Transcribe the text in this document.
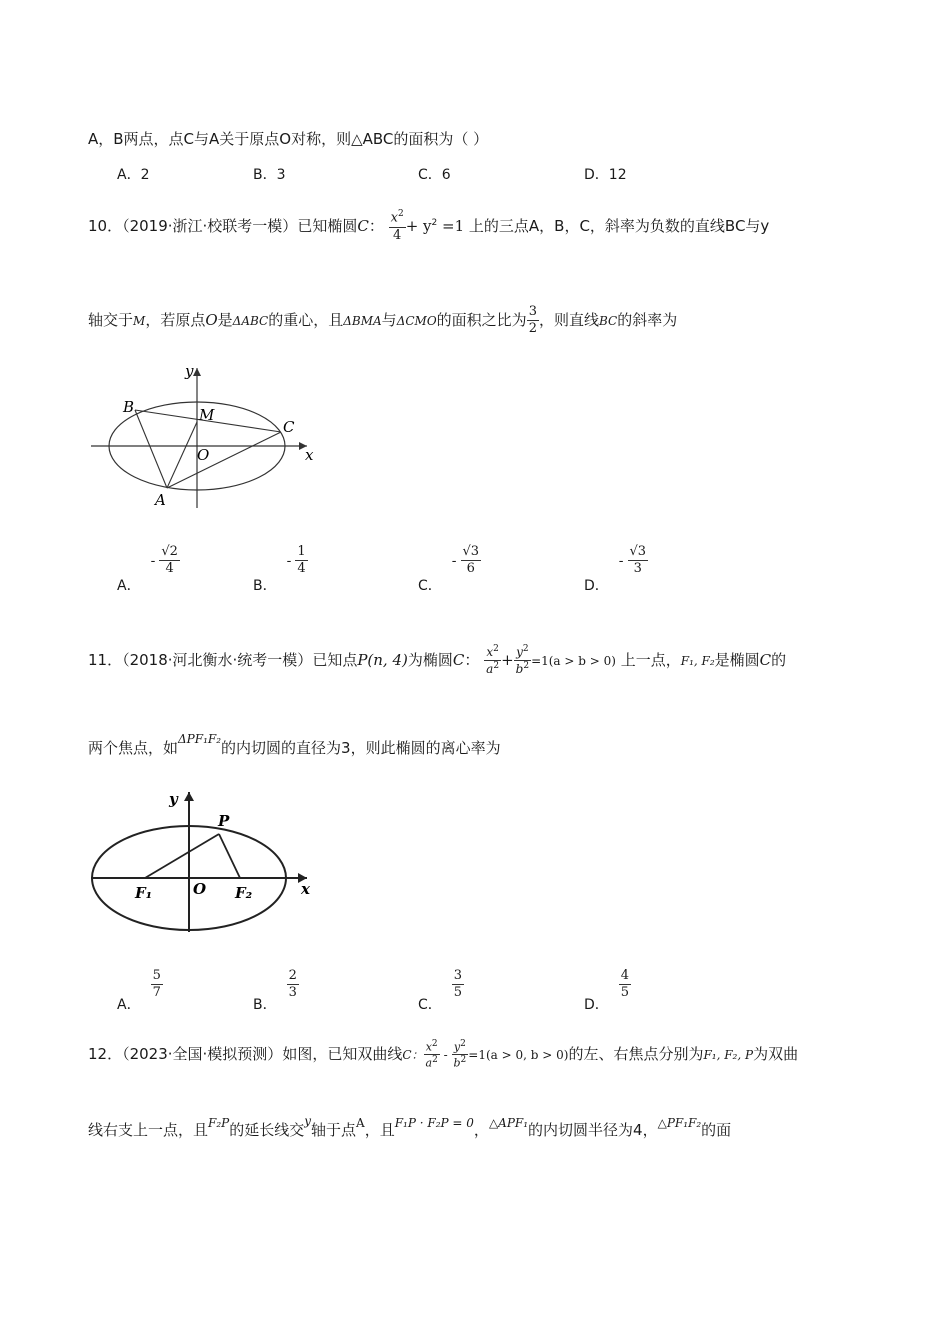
A，B两点，点C与A关于原点O对称，则△ABC的面积为（ ）
A．2	B．3	C．6	D．12
10．（2019·浙江·校联考一模）已知椭圆C： $\frac{x^2}{4} + y^2 =1$ 上的三点A，B，C，斜率为负数的直线BC与y
轴交于M，若原点O是ΔABC的重心，且ΔBMA与ΔCMO的面积之比为 $\frac{3}{2}$ ，则直线BC的斜率为
B	M
C
O	x
y
A
A．- $\frac{√2}{4}$
B．- $\frac{1}{4}$
C．- $\frac{√3}{6}$
D．- $\frac{√3}{3}$
11．（2018·河北衡水·统考一模）已知点P(n, 4)为椭圆C： $\frac{x^2}{a^2} + \frac{y^2}{b^2} =1(a > b > 0)$ 上一点，F₁, F₂是椭圆C的
两个焦点，如$^{\Delta PF_1F_2}$的内切圆的直径为3，则此椭圆的离心率为
y
P
x
F₁	O F₂
A．
$\frac{5}{7}$
B．
$\frac{2}{3}$
C．
$\frac{3}{5}$
D．
$\frac{4}{5}$
12．（2023·全国·模拟预测）如图，已知双曲线C： $\frac{x^2}{a^2} - \frac{y^2}{b^2} =1(a > 0$, b > 0)的左、右焦点分别为F₁, F₂, P为双曲
线右支上一点，且$^{F_2P}$的延长线交$^y$轴于点$^A$，且$^{F_1P \cdot F_2P = 0}$，$^{\triangle APF_1}$的内切圆半径为4，$^{\triangle PF_1F_2}$的面
